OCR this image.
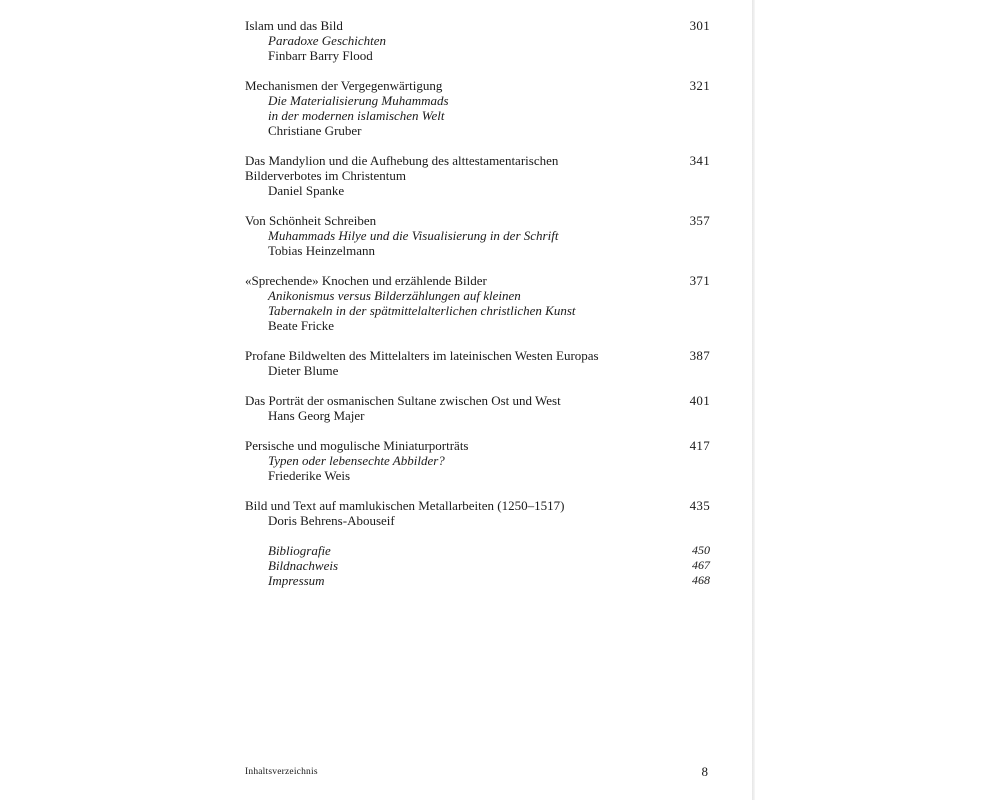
Islam und das Bild
Paradoxe Geschichten
Finbarr Barry Flood
301
Mechanismen der Vergegenwärtigung
Die Materialisierung Muhammads
in der modernen islamischen Welt
Christiane Gruber
321
Das Mandylion und die Aufhebung des alttestamentarischen
Bilderverbotes im Christentum
Daniel Spanke
341
Von Schönheit Schreiben
Muhammads Hilye und die Visualisierung in der Schrift
Tobias Heinzelmann
357
«Sprechende» Knochen und erzählende Bilder
Anikonismus versus Bilderzählungen auf kleinen
Tabernakeln in der spätmittelalterlichen christlichen Kunst
Beate Fricke
371
Profane Bildwelten des Mittelalters im lateinischen Westen Europas
Dieter Blume
387
Das Porträt der osmanischen Sultane zwischen Ost und West
Hans Georg Majer
401
Persische und mogulische Miniaturporträts
Typen oder lebensechte Abbilder?
Friederike Weis
417
Bild und Text auf mamlukischen Metallarbeiten (1250–1517)
Doris Behrens-Abouseif
435
Bibliografie	450
Bildnachweis	467
Impressum	468
Inhaltsverzeichnis	8
